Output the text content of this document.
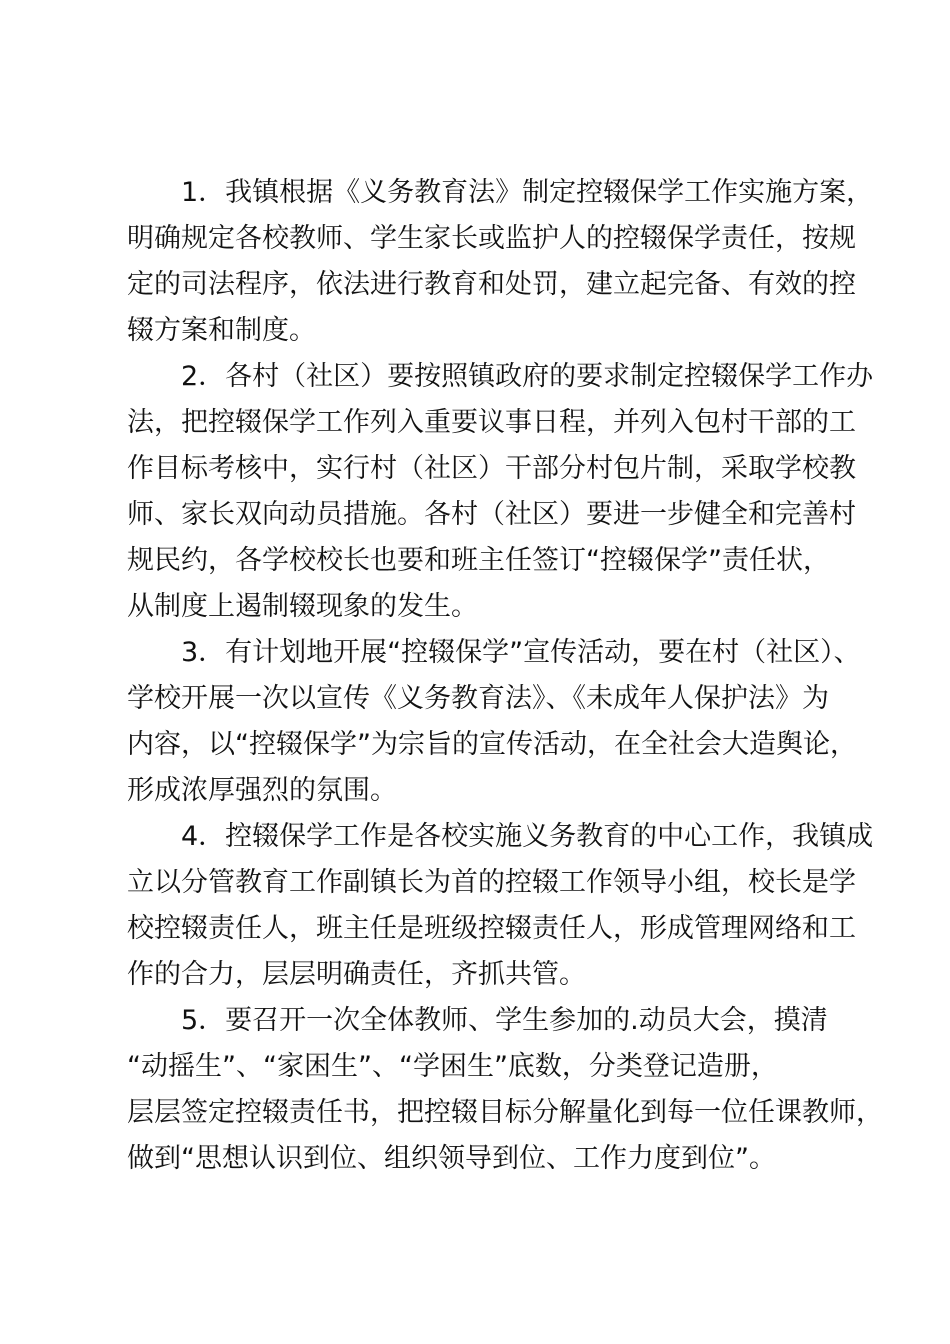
1．我镇根据《义务教育法》制定控辍保学工作实施方案，
明确规定各校教师、学生家长或监护人的控辍保学责任，按规
定的司法程序，依法进行教育和处罚，建立起完备、有效的控
辍方案和制度。
2．各村（社区）要按照镇政府的要求制定控辍保学工作办
法，把控辍保学工作列入重要议事日程，并列入包村干部的工
作目标考核中，实行村（社区）干部分村包片制，采取学校教
师、家长双向动员措施。各村（社区）要进一步健全和完善村
规民约，各学校校长也要和班主任签订“控辍保学”责任状，
从制度上遏制辍现象的发生。
3．有计划地开展“控辍保学”宣传活动，要在村（社区）、
学校开展一次以宣传《义务教育法》、《未成年人保护法》为
内容，以“控辍保学”为宗旨的宣传活动，在全社会大造舆论，
形成浓厚强烈的氛围。
4．控辍保学工作是各校实施义务教育的中心工作，我镇成
立以分管教育工作副镇长为首的控辍工作领导小组，校长是学
校控辍责任人，班主任是班级控辍责任人，形成管理网络和工
作的合力，层层明确责任，齐抓共管。
5．要召开一次全体教师、学生参加的.动员大会，摸清
“动摇生”、“家困生”、“学困生”底数，分类登记造册，
层层签定控辍责任书，把控辍目标分解量化到每一位任课教师，
做到“思想认识到位、组织领导到位、工作力度到位”。
